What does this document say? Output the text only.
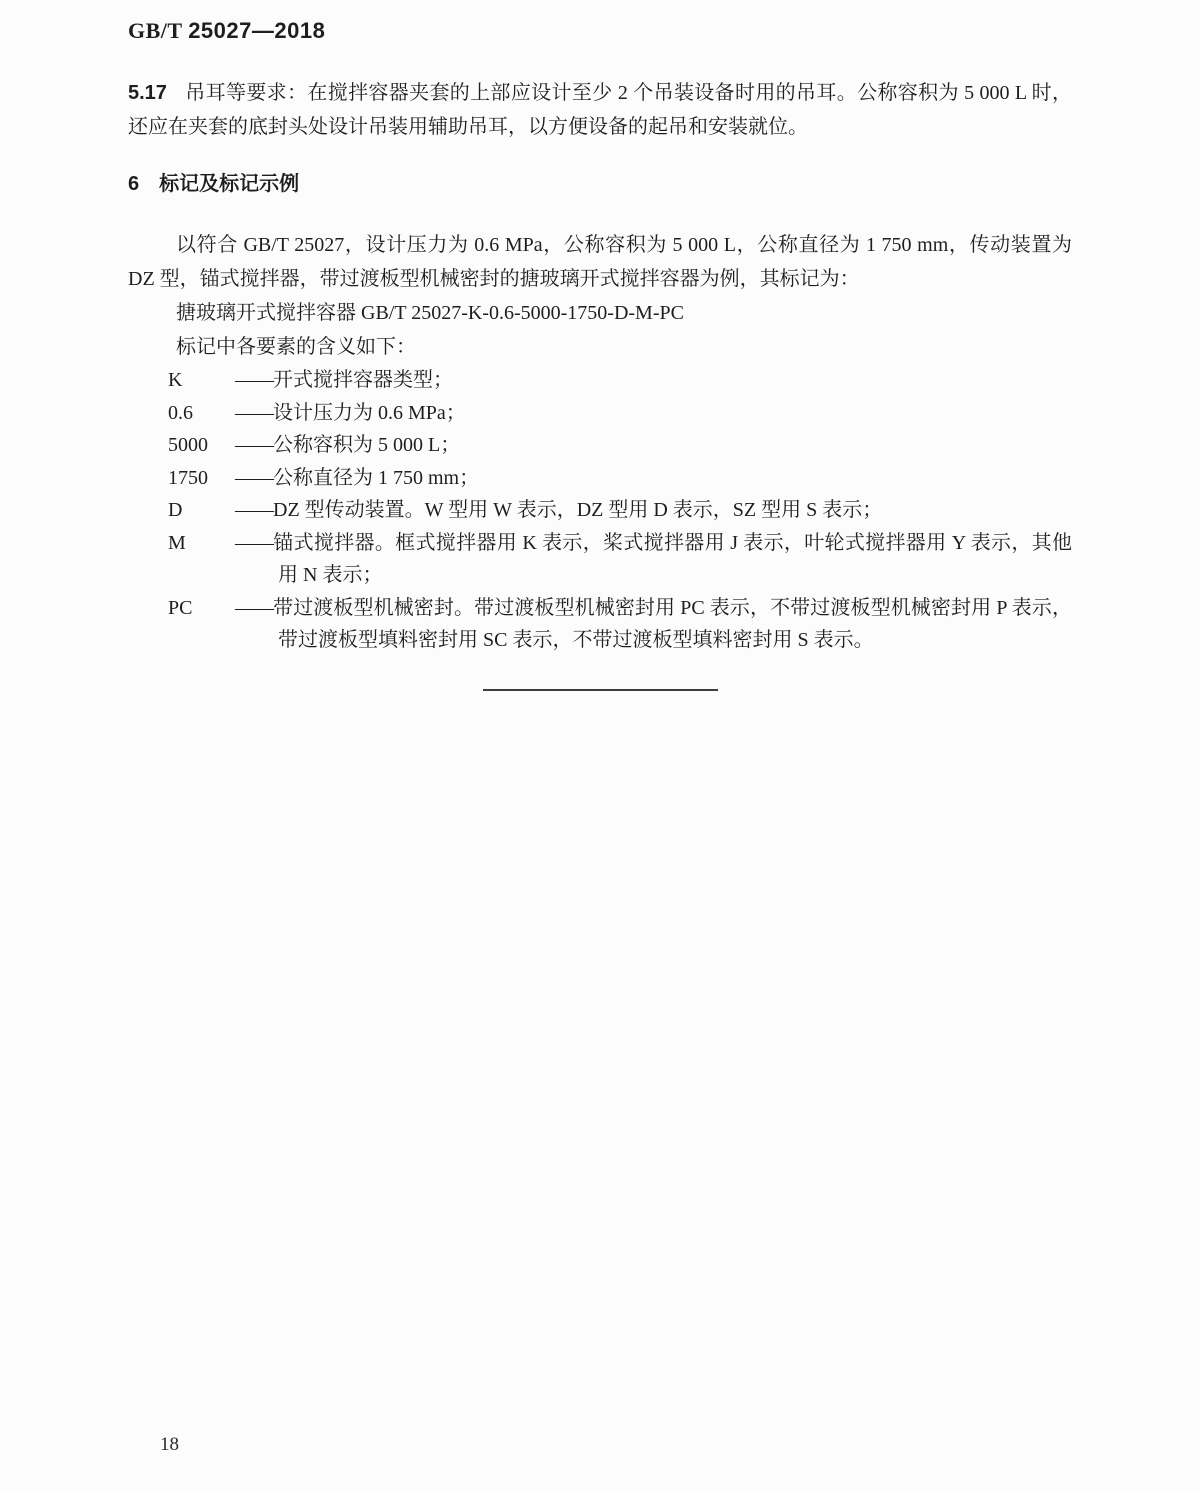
GB/T 25027—2018

5.17 吊耳等要求：在搅拌容器夹套的上部应设计至少 2 个吊装设备时用的吊耳。公称容积为 5 000 L 时，还应在夹套的底封头处设计吊装用辅助吊耳，以方便设备的起吊和安装就位。

6 标记及标记示例

以符合 GB/T 25027，设计压力为 0.6 MPa，公称容积为 5 000 L，公称直径为 1 750 mm，传动装置为 DZ 型，锚式搅拌器，带过渡板型机械密封的搪玻璃开式搅拌容器为例，其标记为：

搪玻璃开式搅拌容器 GB/T 25027-K-0.6-5000-1750-D-M-PC

标记中各要素的含义如下：

K	——开式搅拌容器类型；
0.6	——设计压力为 0.6 MPa；
5000	——公称容积为 5 000 L；
1750	——公称直径为 1 750 mm；
D	——DZ 型传动装置。W 型用 W 表示，DZ 型用 D 表示，SZ 型用 S 表示；
M	——锚式搅拌器。框式搅拌器用 K 表示，桨式搅拌器用 J 表示，叶轮式搅拌器用 Y 表示，其他用 N 表示；
PC	——带过渡板型机械密封。带过渡板型机械密封用 PC 表示，不带过渡板型机械密封用 P 表示，带过渡板型填料密封用 SC 表示，不带过渡板型填料密封用 S 表示。
18
